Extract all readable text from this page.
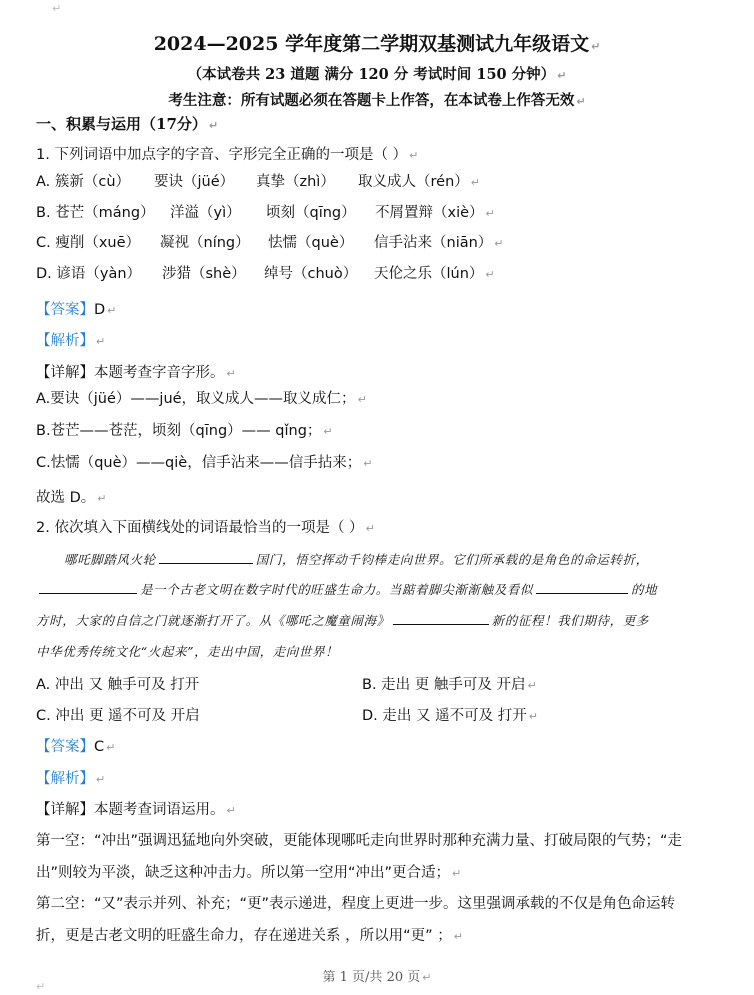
↵
2024—2025 学年度第二学期双基测试九年级语文 ↵
（本试卷共 23 道题 满分 120 分 考试时间 150 分钟） ↵
考生注意：所有试题必须在答题卡上作答，在本试卷上作答无效 ↵
一、积累与运用（17分） ↵
1. 下列词语中加点字的字音、字形完全正确的一项是（ ） ↵
A. 簇新（cù） 要诀（jüé） 真挚（zhì） 取义成人（rén） ↵
B. 苍芒（máng） 洋溢（yì） 顷刻（qīng） 不屑置辩（xiè） ↵
C. 瘦削（xuē） 凝视（níng） 怯懦（què） 信手沾来（niān） ↵
D. 谚语（yàn） 涉猎（shè） 绰号（chuò） 天伦之乐（lún） ↵
【答案】D ↵
【解析】 ↵
【详解】本题考查字音字形。 ↵
A.要诀（jüé）——jué，取义成人——取义成仁； ↵
B.苍芒——苍茫，顷刻（qīng）—— qǐng； ↵
C.怯懦（què）——qiè，信手沾来——信手拈来； ↵
故选 D。 ↵
2. 依次填入下面横线处的词语最恰当的一项是（ ） ↵
哪吒脚踏风火轮	国门，悟空挥动千钧棒走向世界。它们所承载的是角色的命运转折，
是一个古老文明在数字时代的旺盛生命力。当踮着脚尖渐渐触及看似	的地
方时，大家的自信之门就逐渐打开了。从《哪吒之魔童闹海》	新的征程！我们期待，更多
中华优秀传统文化“火起来”，走出中国，走向世界！
A. 冲出 又 触手可及 打开	B. 走出 更 触手可及 开启 ↵
C. 冲出 更 遥不可及 开启	D. 走出 又 遥不可及 打开 ↵
【答案】C ↵
【解析】 ↵
【详解】本题考查词语运用。 ↵
第一空：“冲出”强调迅猛地向外突破，更能体现哪吒走向世界时那种充满力量、打破局限的气势；“走
出”则较为平淡，缺乏这种冲击力。所以第一空用“冲出”更合适； ↵
第二空：“又”表示并列、补充；“更”表示递进，程度上更进一步。这里强调承载的不仅是角色命运转
折，更是古老文明的旺盛生命力，存在递进关系 ，所以用“更” ； ↵
第 1 页/共 20 页 ↵
↵
